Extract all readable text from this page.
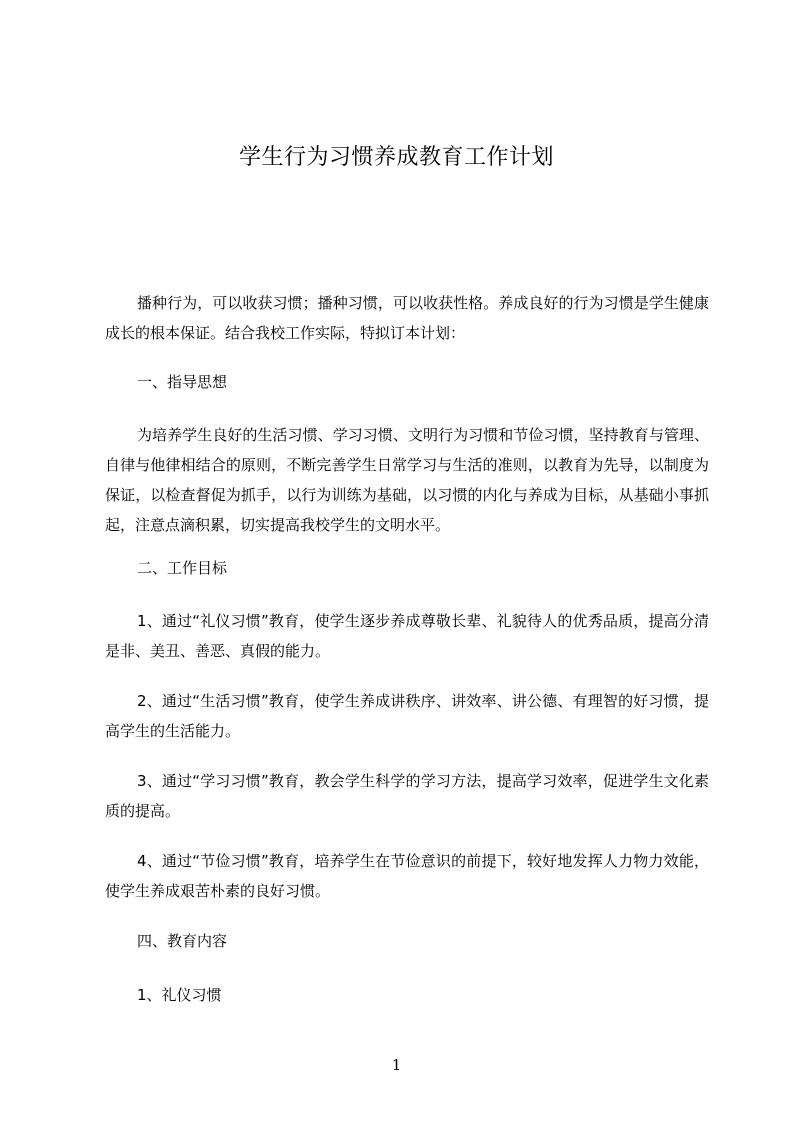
学生行为习惯养成教育工作计划
播种行为，可以收获习惯；播种习惯，可以收获性格。养成良好的行为习惯是学生健康成长的根本保证。结合我校工作实际，特拟订本计划：
一、指导思想
为培养学生良好的生活习惯、学习习惯、文明行为习惯和节俭习惯，坚持教育与管理、自律与他律相结合的原则，不断完善学生日常学习与生活的准则，以教育为先导，以制度为保证，以检查督促为抓手，以行为训练为基础，以习惯的内化与养成为目标，从基础小事抓起，注意点滴积累，切实提高我校学生的文明水平。
二、工作目标
1、通过“礼仪习惯”教育，使学生逐步养成尊敬长辈、礼貌待人的优秀品质，提高分清是非、美丑、善恶、真假的能力。
2、通过“生活习惯”教育，使学生养成讲秩序、讲效率、讲公德、有理智的好习惯，提高学生的生活能力。
3、通过“学习习惯”教育，教会学生科学的学习方法，提高学习效率，促进学生文化素质的提高。
4、通过“节俭习惯”教育，培养学生在节俭意识的前提下，较好地发挥人力物力效能，使学生养成艰苦朴素的良好习惯。
四、教育内容
1、礼仪习惯
1
